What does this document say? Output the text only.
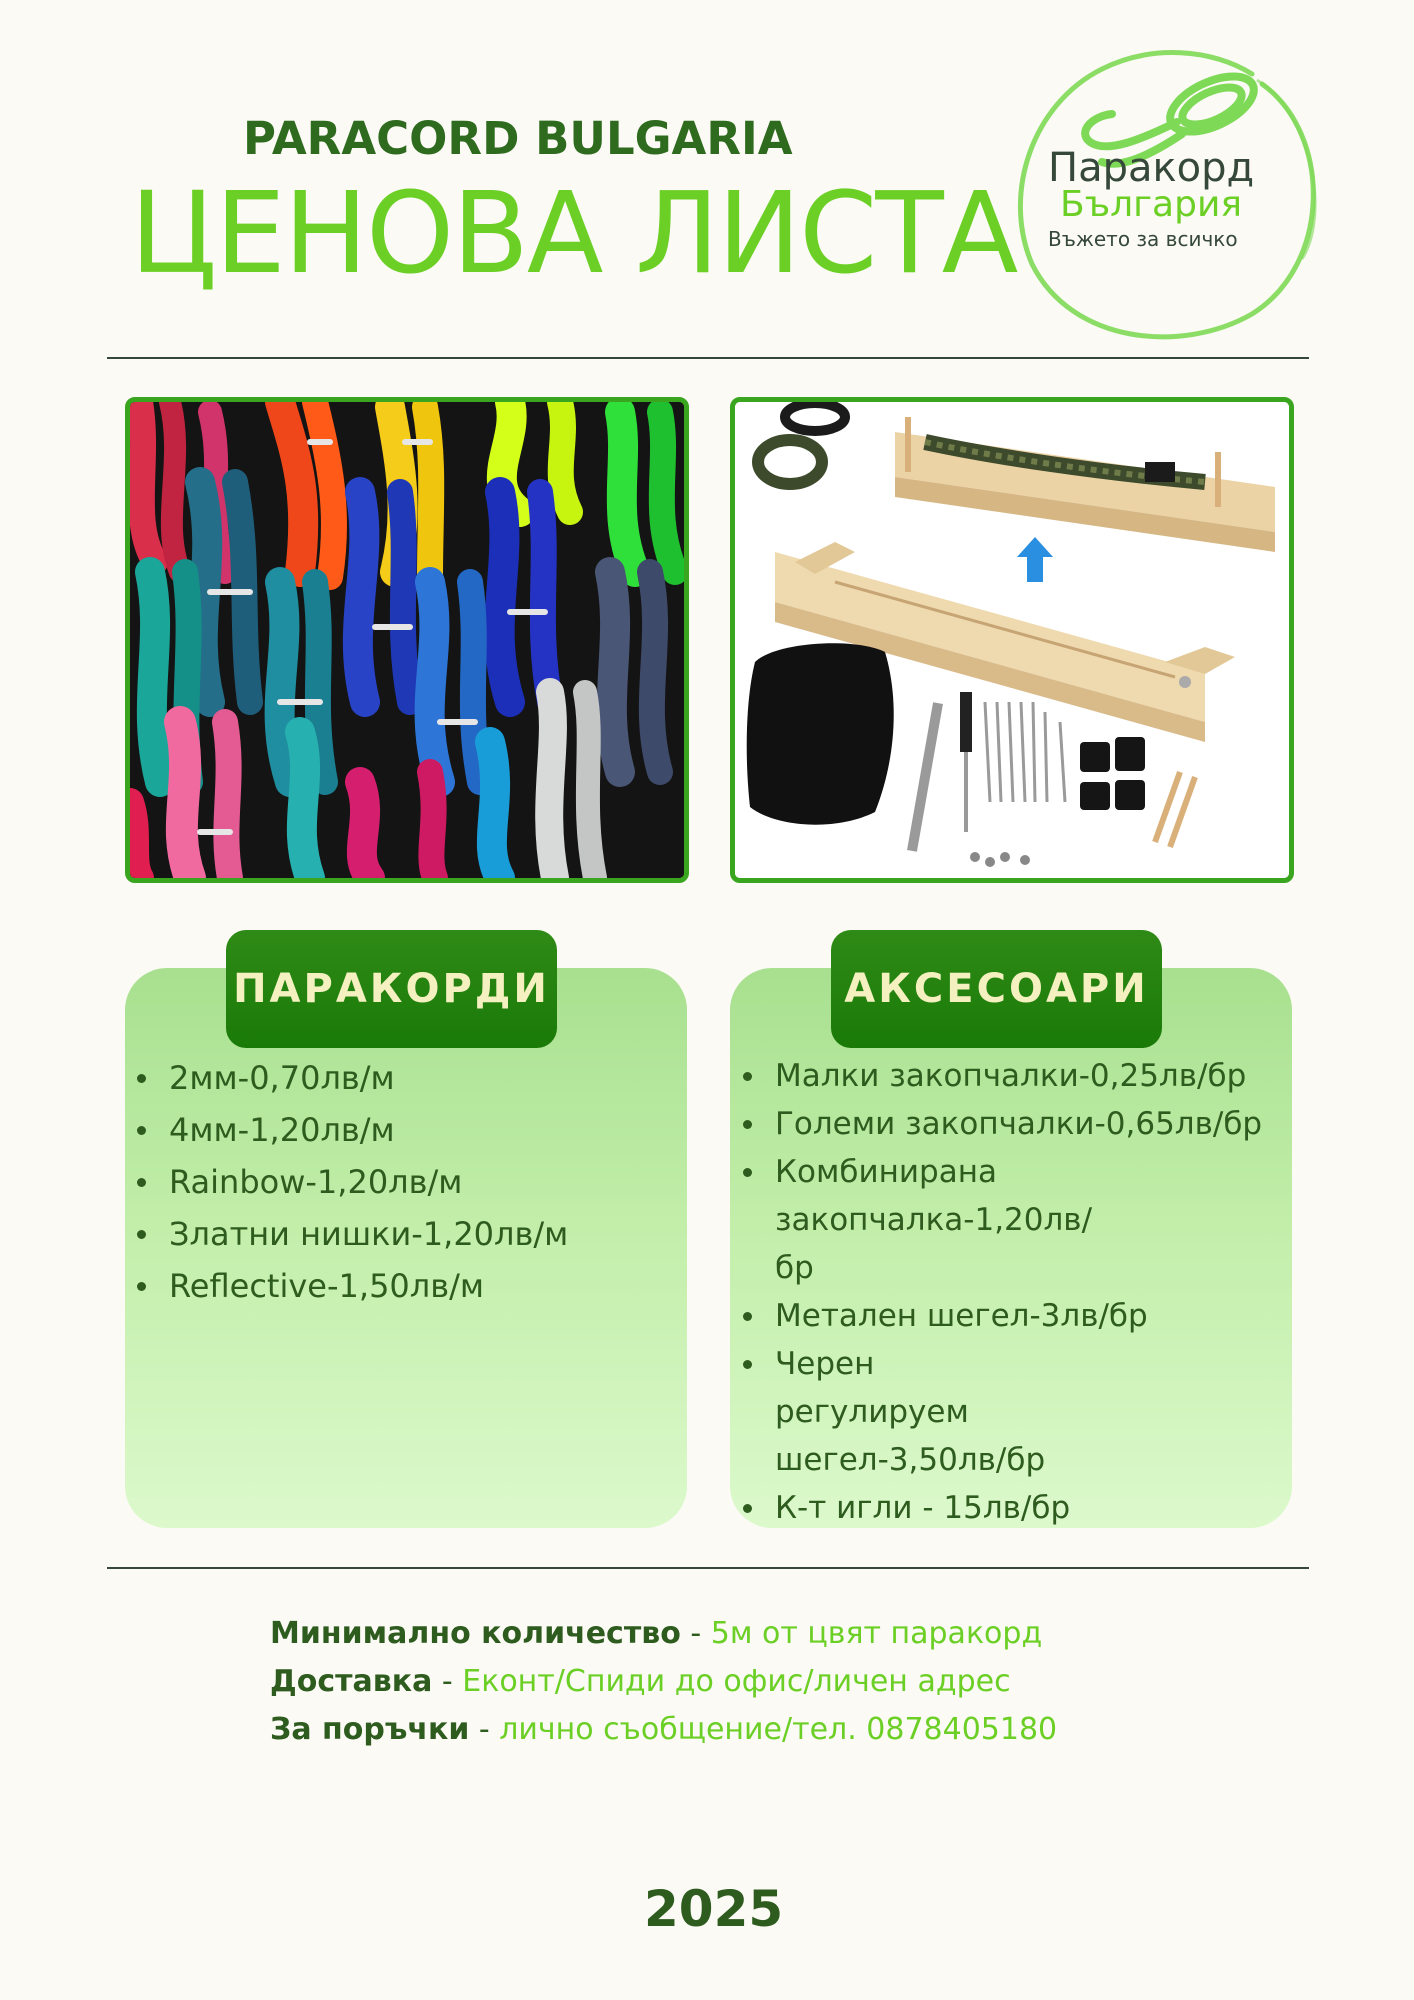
PARACORD BULGARIA
ЦЕНОВА ЛИСТА
Паракорд
България
Въжето за всичко
ПАРАКОРДИ	АКСЕСОАРИ
2мм-0,70лв/м
4мм-1,20лв/м
Rainbow-1,20лв/м
Златни нишки-1,20лв/м
Reflective-1,50лв/м
Малки закопчалки-0,25лв/бр
Големи закопчалки-0,65лв/бр
Комбинирана закопчалка-1,20лв/бр
Метален шегел-3лв/бр
Черен регулируем шегел-3,50лв/бр
К-т игли - 15лв/бр
Минимално количество - 5м от цвят паракорд
Доставка - Еконт/Спиди до офис/личен адрес
За поръчки - лично съобщение/тел. 0878405180
2025
